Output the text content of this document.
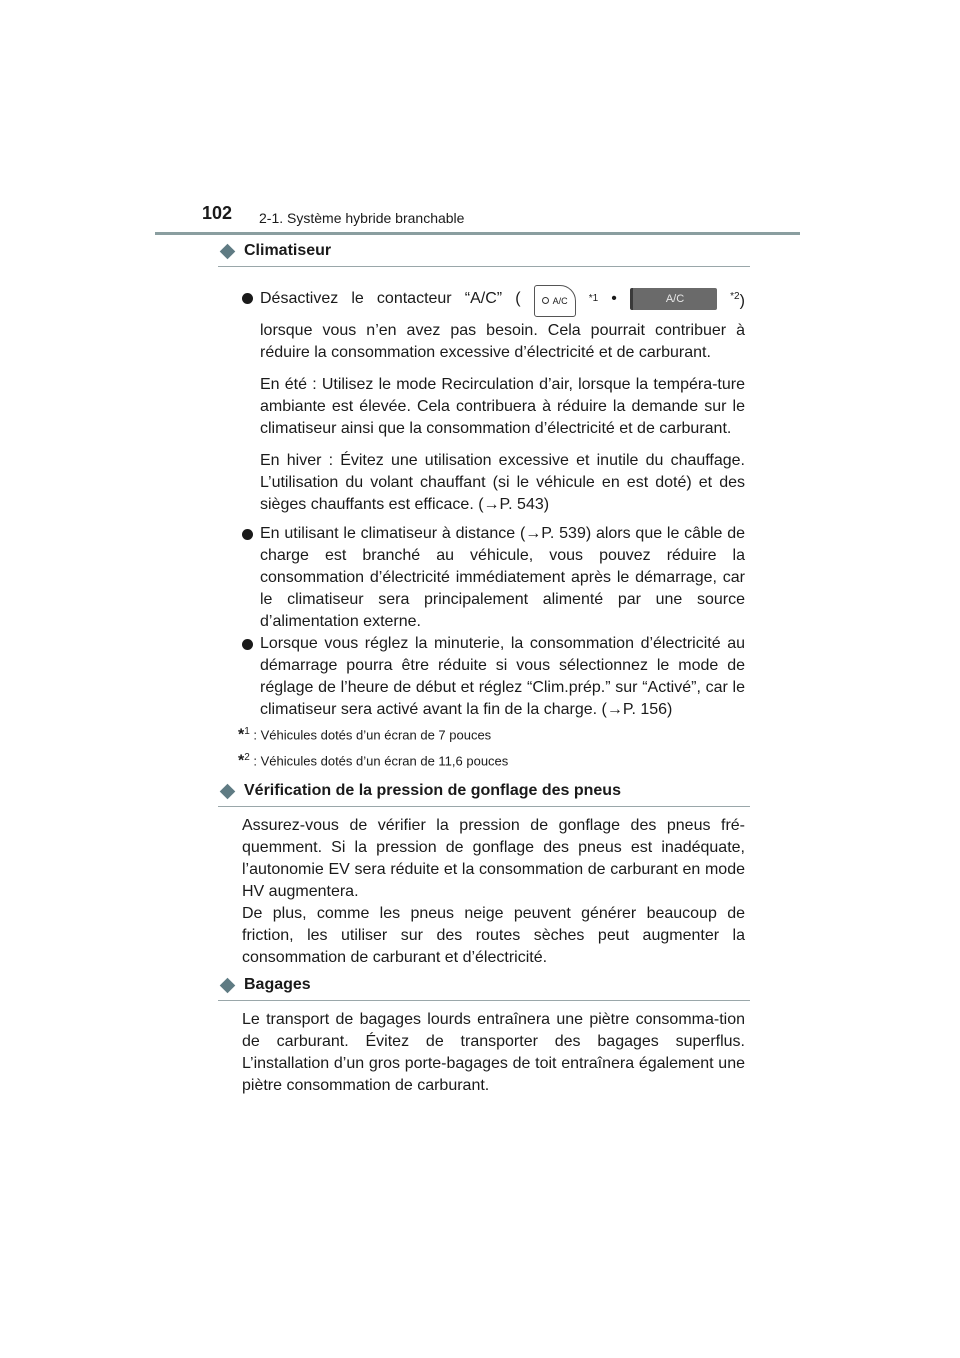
102 2-1. Système hybride branchable
Climatiseur
Désactivez le contacteur “A/C” (	A/C	*1 •	A/C	$^{*2}$)
lorsque vous n’en avez pas besoin. Cela pourrait contribuer à réduire la consommation excessive d’électricité et de carburant.
En été : Utilisez le mode Recirculation d’air, lorsque la tempéra-ture ambiante est élevée. Cela contribuera à réduire la demande sur le climatiseur ainsi que la consommation d’électricité et de carburant.
En hiver : Évitez une utilisation excessive et inutile du chauffage. L’utilisation du volant chauffant (si le véhicule en est doté) et des sièges chauffants est efficace. (→P. 543)
En utilisant le climatiseur à distance (→P. 539) alors que le câble de charge est branché au véhicule, vous pouvez réduire la consommation d’électricité immédiatement après le démarrage, car le climatiseur sera principalement alimenté par une source d’alimentation externe.
Lorsque vous réglez la minuterie, la consommation d’électricité au démarrage pourra être réduite si vous sélectionnez le mode de réglage de l’heure de début et réglez “Clim.prép.” sur “Activé”, car le climatiseur sera activé avant la fin de la charge. (→P. 156)
*$^1$ : Véhicules dotés d’un écran de 7 pouces
*$^2$ : Véhicules dotés d’un écran de 11,6 pouces
Vérification de la pression de gonflage des pneus
Assurez-vous de vérifier la pression de gonflage des pneus fré-quemment. Si la pression de gonflage des pneus est inadéquate, l’autonomie EV sera réduite et la consommation de carburant en mode HV augmentera.
De plus, comme les pneus neige peuvent générer beaucoup de friction, les utiliser sur des routes sèches peut augmenter la consommation de carburant et d’électricité.
Bagages
Le transport de bagages lourds entraînera une piètre consomma-tion de carburant. Évitez de transporter des bagages superflus. L’installation d’un gros porte-bagages de toit entraînera également une piètre consommation de carburant.
